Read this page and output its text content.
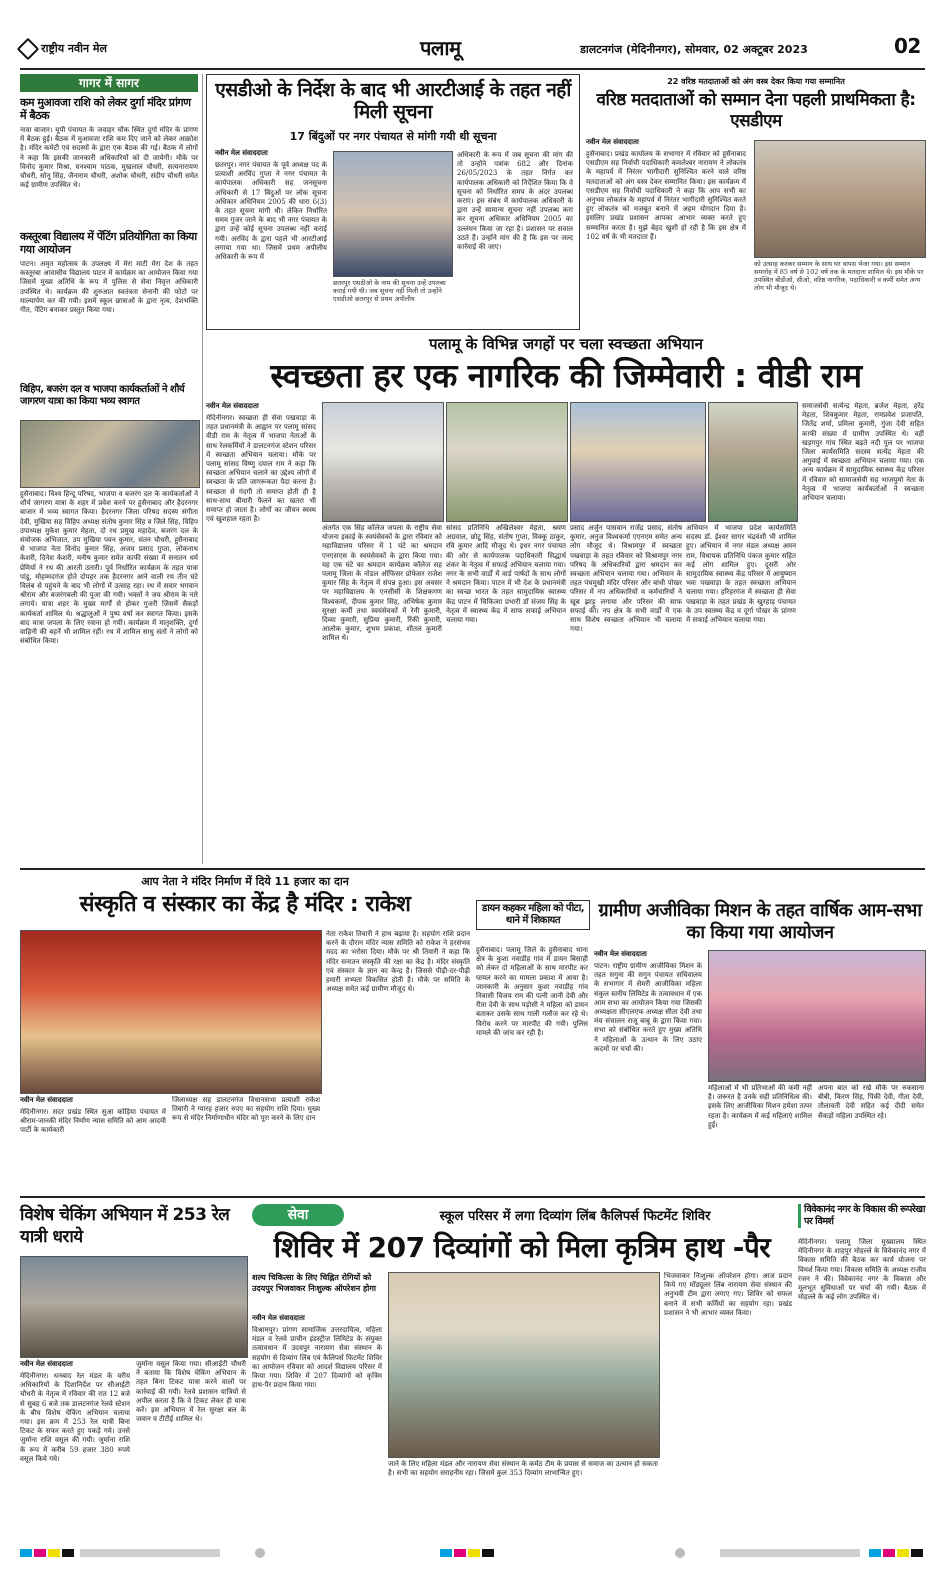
राष्ट्रीय नवीन मेल	पलामू	डालटनगंज (मेदिनीनगर), सोमवार, 02 अक्टूबर 2023	02
गागर में सागर
कम मुआवजा राशि को लेकर दुर्गा मंदिर प्रांगण में बैठक
नावा बाजार। यूपी पंचायत के जवाहर चौक स्थित दुर्गा मंदिर के प्रांगण में बैठक हुई। बैठक में मुआवजा राशि कम दिए जाने को लेकर आक्रोश है। मंदिर कमेटी एवं सदस्यों के द्वारा एक बैठक की गई। बैठक में लोगों ने कहा कि इसकी जानकारी अधिकारियों को दी जायेगी। मौके पर विनोद कुमार मिश्रा, घनश्याम पाठक, मुखलाल चौधरी, सत्यनारायण चौधरी, सोनू सिंह, जैनाराम चौधरी, अशोक चौधरी, संदीप चौधरी समेत कई ग्रामीण उपस्थित थे।
कस्तूरबा विद्यालय में पेंटिंग प्रतियोगिता का किया गया आयोजन
पाटन। अमृत महोत्सव के उपलक्ष्य में मेरा माटी मेरा देश के तहत कस्तूरबा आवासीय विद्यालय पाटन में कार्यक्रम का आयोजन किया गया जिसमें मुख्य अतिथि के रूप में पुलिस से सेवा निवृत्त अधिकारी उपस्थित थे। कार्यक्रम की शुरुआत स्वतंत्रता सेनानी की फोटो पर माल्यार्पण कर की गयी। इसमें स्कूल छात्राओं के द्वारा नृत्य, देशभक्ति गीत, पेंटिंग बनाकर प्रस्तुत किया गया।
विहिप, बजरंग दल व भाजपा कार्यकर्ताओं ने शौर्य जागरण यात्रा का किया भव्य स्वागत
हुसैनाबाद। विश्व हिन्दू परिषद, भाजपा व बजरंग दल के कार्यकर्ताओं ने शौर्य जागरण यात्रा के शहर में प्रवेश करने पर हुसैनाबाद और हैदरनगर बाजार में भव्य स्वागत किया। हैदरनगर जिला परिषद सदस्य संगीता देवी, मुखिया सह विहिप अध्यक्ष संतोष कुमार सिंह व जिले सिंह, विहिप उपाध्यक्ष मुकेश कुमार मेहता, दो रथ प्रमुख महादेव, बजरंग दल के संयोजक अभिजात, उप मुखिया पवन कुमार, संतन चौधरी, हुसैनाबाद से भाजपा नेता विनोद कुमार सिंह, अजय प्रसाद गुप्ता, लोकनाथ केशरी, दिनेश केशरी, मनीष कुमार समेत काफी संख्या में सनातन धर्म प्रेमियों ने रथ की आरती उतारी। पूर्व निर्धारित कार्यक्रम के तहत यात्रा पांडू, मोहम्मदगंज होते दोपहर तक हैदरनगर आने वाली रथ तीन घंटे विलंब से पहुंचने के बाद भी लोगों में उत्साह रहा। रथ में सवार भगवान श्रीराम और बजरंगबली की पूजा की गयी। भक्तों ने जय श्रीराम के नारे लगाये। यात्रा शहर के मुख्य मार्गों से होकर गुजरी जिसमें सैकड़ों कार्यकर्ता शामिल थे। श्रद्धालुओं ने पुष्प वर्षा कर स्वागत किया। इसके बाद यात्रा जपला के लिए रवाना हो गयी। कार्यक्रम में मातृशक्ति, दुर्गा वाहिनी की बहनें भी शामिल रहीं। रथ में शामिल साधु संतों ने लोगों को संबोधित किया।
एसडीओ के निर्देश के बाद भी आरटीआई के तहत नहीं मिली सूचना
17 बिंदुओं पर नगर पंचायत से मांगी गयी थी सूचना
नवीन मेल संवाददाता
छतरपुर। नगर पंचायत के पूर्व अध्यक्ष पद के प्रत्याशी अरविंद गुप्ता ने नगर पंचायत के कार्यपालक अधिकारी सह जनसूचना अधिकारी से 17 बिंदुओं पर लोक सूचना अधिकार अधिनियम 2005 की धारा 6(3) के तहत सूचना मांगी थी। लेकिन निर्धारित समय गुजर जाने के बाद भी नगर पंचायत के द्वारा उन्हें कोई सूचना उपलब्ध नहीं कराई गयी। अरविंद के द्वारा पहले भी आरटीआई लगाया गया था। जिसमें प्रथम अपीलीय अधिकारी के रूप में
छतरपुर एसडीओ के नाम की सूचना उन्हें उपलब्ध कराई गयी थी। जब सूचना नहीं मिली तो उन्होंने एसडीओ छतरपुर से प्रथम अपीलीय
अधिकारी के रूप में जब सूचना की मांग की तो उन्होंने पत्रांक 682 और दिनांक 26/05/2023 के तहत निर्गत कर कार्यपालक अधिकारी को निर्देशित किया कि वे सूचना को निर्धारित समय के अंदर उपलब्ध कराएं। इस संबंध में कार्यपालक अधिकारी के द्वारा उन्हें सामान्य सूचना नहीं उपलब्ध करा कर सूचना अधिकार अधिनियम 2005 का उल्लंघन किया जा रहा है। प्रशासन पर सवाल उठते हैं। उन्होंने मांग की है कि इस पर जल्द कार्रवाई की जाए।
22 वरिष्ठ मतदाताओं को अंग वस्त्र देकर किया गया सम्मानित
वरिष्ठ मतदाताओं को सम्मान देना पहली प्राथमिकता है: एसडीएम
नवीन मेल संवाददाता
हुसैनाबाद। प्रखंड कार्यालय के सभागार में रविवार को हुसैनाबाद एसडीएम सह निर्वाची पदाधिकारी कमलेश्वर नारायण ने लोकतंत्र के महापर्व में निरंतर भागीदारी सुनिश्चित करने वाले वरिष्ठ मतदाताओं को अंग वस्त्र देकर सम्मानित किया। इस कार्यक्रम में एसडीएम सह निर्वाची पदाधिकारी ने कहा कि आप सभी का अनुभव लोकतंत्र के महापर्व में निरंतर भागीदारी सुनिश्चित करते हुए लोकतंत्र को मजबूत बनाने में अहम योगदान दिया है। इसलिए प्रखंड प्रशासन आपका आभार व्यक्त करते हुए सम्मानित करता है। मुझे बेहद खुशी हो रही है कि इस क्षेत्र में 102 वर्ष के भी मतदाता हैं।
को उत्साह करकर सम्मान के साथ घर वापस भेजा गया। इस सम्मान समारोह में 85 वर्ष से 102 वर्ष तक के मतदाता शामिल थे। इस मौके पर उपस्थित बीडीओ, सीओ, वरिष्ठ नागरिक, पदाधिकारी व कर्मी समेत अन्य लोग भी मौजूद थे।
पलामू के विभिन्न जगहों पर चला स्वच्छता अभियान
स्वच्छता हर एक नागरिक की जिम्मेवारी : वीडी राम
नवीन मेल संवाददाता
मेदिनीनगर। स्वच्छता ही सेवा पखवाड़ा के तहत प्रधानमंत्री के आह्वान पर पलामू सांसद वीडी राम के नेतृत्व में भाजपा नेताओं के साथ रेलकर्मियों ने डालटनगंज स्टेशन परिसर में स्वच्छता अभियान चलाया। मौके पर पलामू सांसद विष्णु दयाल राम ने कहा कि स्वच्छता अभियान चलाने का उद्देश्य लोगों में स्वच्छता के प्रति जागरूकता पैदा करना है। स्वच्छता से गंदगी तो समाप्त होती ही है साथ-साथ बीमारी फैलने का खतरा भी समाप्त हो जाता है। लोगों का जीवन स्वस्थ एवं खुशहाल रहता है।
अंतर्गत एक सिंह कॉलेज जपला के राष्ट्रीय सेवा योजना इकाई के स्वयंसेवकों के द्वारा रविवार को महाविद्यालय परिसर में 1 घंटे का श्रमदान एनएसएस के स्वयंसेवकों के द्वारा किया गया। यह एक घंटे का श्रमदान कार्यक्रम कॉलेज सह पलामू जिला के नोडल ऑफिसर प्रोफेसर राजेश कुमार सिंह के नेतृत्व में संपन्न हुआ। इस अवसर पर महाविद्यालय के एनसीसी के शिक्षकगण विश्वकर्मा, दीपक कुमार सिंह, अभिषेक कुमार सुरक्षा कर्मी तथा स्वयंसेवकों में रेनी कुमारी, दिव्या कुमारी, सुप्रिया कुमारी, रिंकी कुमारी, आलोक कुमार, शुभम प्रकाश, शीतल कुमारी शामिल थे।
सांसद प्रतिनिधि अखिलेश्वर मेहता, श्रवण अग्रवाल, छोटू सिंह, संतोष गुप्ता, विक्कू ठाकुर, रवि कुमार आदि मौजूद थे। इधर नगर पंचायत की ओर से कार्यपालक पदाधिकारी सिद्धार्थ शंकर के नेतृत्व में सफाई अभियान चलाया गया। नगर के सभी वार्डों में वार्ड पार्षदों के साथ लोगों ने श्रमदान किया। पाटन में भी देश के प्रधानमंत्री का स्वच्छ भारत के तहत सामुदायिक स्वास्थ्य केंद्र पाटन में चिकित्सा प्रभारी डॉ संजय सिंह के नेतृत्व में स्वास्थ्य केंद्र में साफ सफाई अभियान चलाया गया।
प्रसाद अर्जुन पासवान राजेंद्र प्रसाद, संतोष कुमार, अनुज विश्वकर्मा एएनएम समेत अन्य लोग मौजूद थे। विश्रामपुर में स्वच्छता पखवाड़ा के तहत रविवार को विश्रामपुर नगर परिषद के अधिकारियों द्वारा श्रमदान कर स्वच्छता अभियान चलाया गया। अभियान के तहत पंचमुखी मंदिर परिसर और बांधी पोखर परिसर में नप अधिकारियों व कर्मचारियों ने खूब झाड़ू लगाया और परिसर की साफ सफाई की। नप क्षेत्र के सभी वार्डों में एक साथ विशेष स्वच्छता अभियान भी चलाया गया।
अभियान में भाजपा प्रदेश कार्यसमिति सदस्य डॉ. ईश्वर सागर चंद्रवंशी भी शामिल हुए। अभियान में नगर मंडल अध्यक्ष अमन राम, विधायक प्रतिनिधि पंकज कुमार सहित कई लोग शामिल हुए। दूसरी ओर सामुदायिक स्वास्थ्य केंद्र परिसर में आयुष्मान भवः पखवाड़ा के तहत स्वच्छता अभियान चलाया गया। हरिहरगंज में स्वच्छता ही सेवा पखवाड़ा के तहत प्रखंड के खुरहाड़ पंचायत के उप स्वास्थ्य केंद्र व दूर्गा पोखर के प्रांगण में सफाई अभियान चलाया गया।
समाजसेवी सत्येन्द्र मेहता, ब्रजेश मेहता, हरेंद्र मेहता, शिवकुमार मेहता, रामप्रवेश प्रजापति, जितेंद्र शर्मा, प्रमिला कुमारी, गुंजा देवी सहित काफी संख्या में ग्रामीण उपस्थित थे। वहीं खड़गपुर गांव स्थित बढ़ते नदी पुल पर भाजपा जिला कार्यसमिति सदस्य सत्येंद्र मेहता की अगुवाई में स्वच्छता अभियान चलाया गया। एक अन्य कार्यक्रम में सामुदायिक स्वास्थ्य केंद्र परिसर में रविवार को सामाजसेवी सह भाजयुमो नेता के नेतृत्व में भाजपा कार्यकर्ताओं ने स्वच्छता अभियान चलाया।
आप नेता ने मंदिर निर्माण में दिये 11 हजार का दान
संस्कृति व संस्कार का केंद्र है मंदिर : राकेश
नवीन मेल संवाददाता
मेदिनीनगर। सदर प्रखंड स्थित सुआ कोड़िया पंचायत में श्रीराम-जानकी मंदिर निर्माण न्यास समिति को आम आदमी पार्टी के कार्यकारी
जिलाध्यक्ष सह डालटनगंज विधानसभा प्रत्याशी राकेश तिवारी ने ग्यारह हजार रुपए का सहयोग राशि दिया। मुख्य रूप से मंदिर निर्माणाधीन मंदिर को पूरा करने के लिए दान
नेता राकेश तिवारी ने हाथ बढ़ाया है। सहयोग राशि प्रदान करने के दौरान मंदिर न्यास समिति को राकेश ने हरसंभव मदद का भरोसा दिया। मौके पर श्री तिवारी ने कहा कि मंदिर सनातन संस्कृति की रक्षा का केंद्र है। मंदिर संस्कृति एवं संस्कार के ज्ञान का केन्द्र है। जिससे पीढ़ी-दर-पीढ़ी हमारी सभ्यता विकसित होती है। मौके पर समिति के अध्यक्ष समेत कई ग्रामीण मौजूद थे।
डायन कहकर महिला को पीटा, थाने में शिकायत
हुसैनाबाद। पलामू जिले के हुसैनाबाद थाना क्षेत्र के कुशा नवाडीह गांव में डायन बिसाही को लेकर दो महिलाओं के साथ मारपीट कर घायल करने का मामला प्रकाश में आया है। जानकारी के अनुसार कुशा नवाडीह गांव निवासी विजय राम की पत्नी जानी देवी और रीता देवी के साथ पड़ोसी ने महिला को डायन बताकर उसके साथ गाली गलौज कर रहे थे। विरोध करने पर मारपीट की गयी। पुलिस मामले की जांच कर रही है।
ग्रामीण अजीविका मिशन के तहत वार्षिक आम-सभा का किया गया आयोजन
नवीन मेल संवाददाता
पाटन। राष्ट्रीय ग्रामीण आजीविका मिशन के तहत सगुना की सगुन पंचायत सचिवालय के सभागार में सेमरी आजीविका महिला संकुल स्तरीय लिमिटेड के तत्वावधान में एक आम सभा का आयोजन किया गया जिसकी अध्यक्षता सीएलएफ अध्यक्ष सीता देवी तथा मंच संचालन राजू बाबू के द्वारा किया गया। सभा को संबोधित करते हुए मुख्य अतिथि ने महिलाओं के उत्थान के लिए उठाए कदमों पर चर्चा की।
महिलाओं में भी प्रतिभाओं की कमी नहीं है। जरूरत है उनके सही प्रतिनिधित्व की। इसके लिए आजीविका मिशन हमेशा तत्पर रहता है। कार्यक्रम में कई महिलाएं शामिल हुईं।
अपना बात को रखे मौके पर रुकसाना बीबी, किरण सिंह, पिंकी देवी, गीता देवी, तौलावती देवी सहित कई दीदी समेत सैकड़ों महिला उपस्थित रहे।
विशेष चेकिंग अभियान में 253 रेल यात्री धराये
नवीन मेल संवाददाता
मेदिनीनगर। धनबाद रेल मंडल के वरीय अधिकारियों के दिशानिर्देश पर सीआईटी चौधरी के नेतृत्व में रविवार की रात 12 बजे से सुबह 6 बजे तक डालटनगंज रेलवे स्टेशन के बीच विशेष चेकिंग अभियान चलाया गया। इस क्रम में 253 रेल यात्री बिना टिकट के सफर करते हुए पकड़े गये। उनसे जुर्माना राशि वसूल की गयी। जुर्माना राशि के रूप में करीब 59 हजार 380 रुपये वसूल किये गये।
जुर्माना वसूल किया गया। सीआईटी चौधरी ने बताया कि विशेष चेकिंग अभियान के तहत बिना टिकट यात्रा करने वालों पर कार्रवाई की गयी। रेलवे प्रशासन यात्रियों से अपील करता है कि वे टिकट लेकर ही यात्रा करें। इस अभियान में रेल सुरक्षा बल के जवान व टीटीई शामिल थे।
सेवा	स्कूल परिसर में लगा दिव्यांग लिंब कैलिपर्स फिटमेंट शिविर
शिविर में 207 दिव्यांगों को मिला कृत्रिम हाथ -पैर
शल्य चिकित्सा के लिए चिह्नित रोगियों को उदयपुर भिजवाकर निःशुल्क ऑपरेशन होगा
नवीन मेल संवाददाता
विश्रामपुर। प्रांगण सामाजिक उत्तरदायित्व, महिला मंडल व रेलवे प्राचीन इंडस्ट्रीज लिमिटेड के संयुक्त तत्वावधान में उदयपुर नारायण सेवा संस्थान के सहयोग से दिव्यांग लिंब एवं कैलिपर्स फिटमेंट शिविर का आयोजन रविवार को आदर्श विद्यालय परिसर में किया गया। शिविर में 207 दिव्यांगों को कृत्रिम हाथ-पैर प्रदान किया गया।
जाने के लिए महिला मंडल और नारायण सेवा संस्थान के कर्मठ टीम के प्रयास से समाज का उत्थान हो सकता है। सभी का सहयोग सराहनीय रहा। जिसमें कुल 353 दिव्यांग लाभान्वित हुए।
भिजवाकर निःशुल्क ऑपरेशन होगा। आज प्रदान किये गए मॉड्यूलर लिंब नारायण सेवा संस्थान की अनुभवी टीम द्वारा लगाए गए। शिविर को सफल बनाने में सभी कर्मियों का सहयोग रहा। प्रखंड प्रशासन ने भी आभार व्यक्त किया।
विवेकानंद नगर के विकास की रूपरेखा पर विमर्श
मेदिनीनगर। पलामू जिला मुख्यालय स्थित मेदिनीनगर के शाहपुर मोहल्ले के विवेकानंद नगर में विकास समिति की बैठक कर कार्य योजना पर विमर्श किया गया। विकास समिति के अध्यक्ष राजीव रंजन ने की। विवेकानंद नगर के विकास और मूलभूत सुविधाओं पर चर्चा की गयी। बैठक में मोहल्ले के कई लोग उपस्थित थे।
